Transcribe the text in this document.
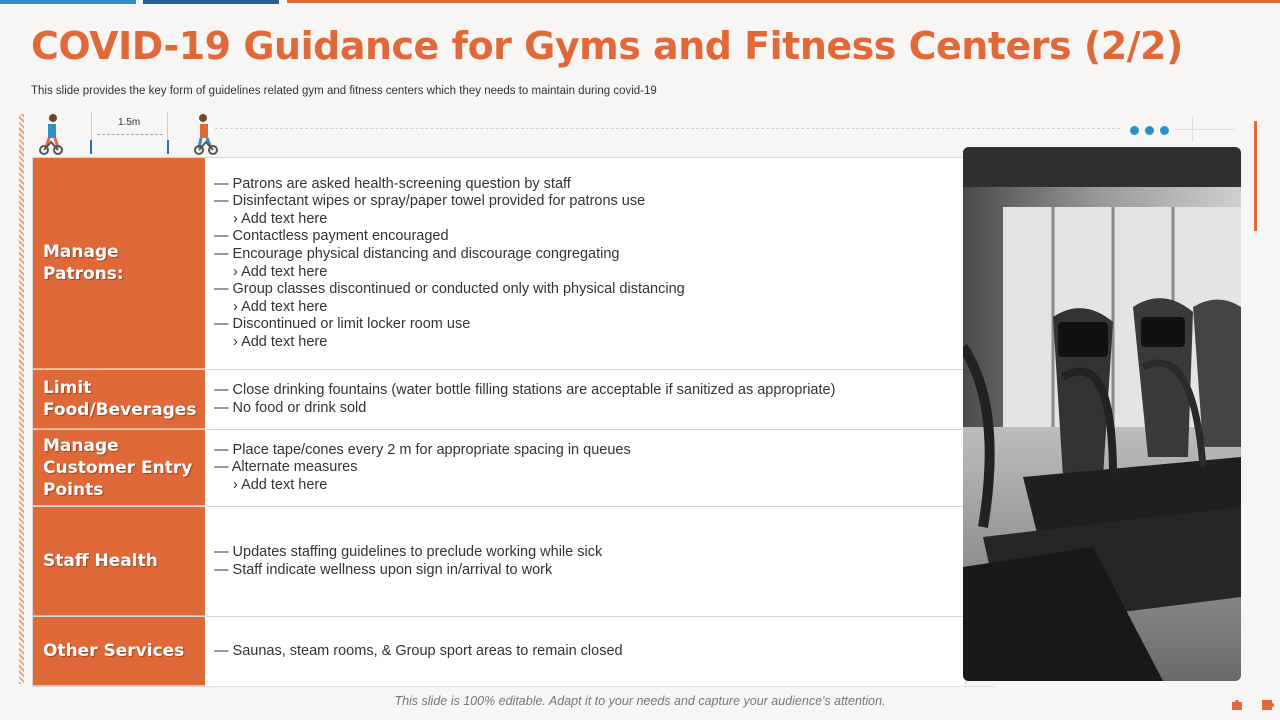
COVID-19 Guidance for Gyms and Fitness Centers (2/2)
This slide provides the key form of guidelines related gym and fitness centers which they needs to maintain during covid-19
1.5m
Manage Patrons:
— Patrons are asked health-screening question by staff
— Disinfectant wipes or spray/paper towel provided for patrons use
› Add text here
— Contactless payment encouraged
— Encourage physical distancing and discourage congregating
› Add text here
— Group classes discontinued or conducted only with physical distancing
› Add text here
— Discontinued or limit locker room use
› Add text here
Limit Food/Beverages
— Close drinking fountains (water bottle filling stations are acceptable if sanitized as appropriate)
— No food or drink sold
Manage Customer Entry Points
— Place tape/cones every 2 m for appropriate spacing in queues
— Alternate measures
› Add text here
Staff Health	— Updates staffing guidelines to preclude working while sick
— Staff indicate wellness upon sign in/arrival to work
Other Services	— Saunas, steam rooms, & Group sport areas to remain closed
This slide is 100% editable. Adapt it to your needs and capture your audience's attention.
